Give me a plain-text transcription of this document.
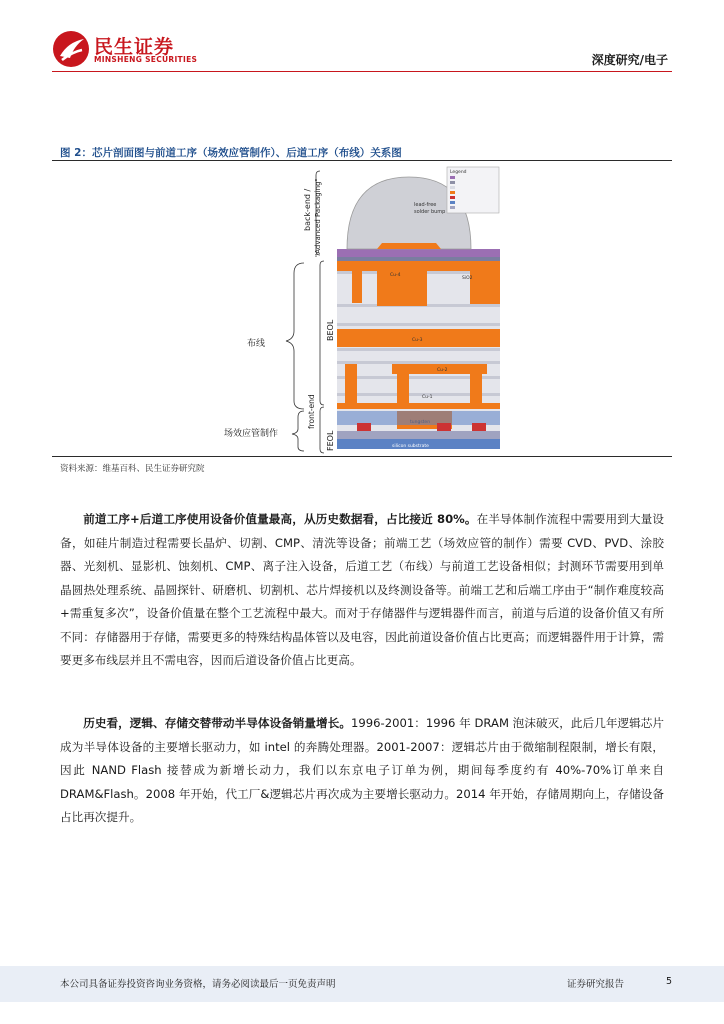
民生证券
MINSHENG SECURITIES	深度研究/电子
图 2：芯片剖面图与前道工序（场效应管制作）、后道工序（布线）关系图
布线
场效应管制作
back-end / "Advanced Packaging"
BEOL
front-end
FEOL
lead-free
solder bump
Cu-4
SiO2
Cu-3
Cu-2
Cu-1
silicon substrate
Legend
资料来源：维基百科、民生证券研究院

前道工序+后道工序使用设备价值量最高，从历史数据看，占比接近 80%。在半导体制作流程中需要用到大量设备，如硅片制造过程需要长晶炉、切割、CMP、清洗等设备；前端工艺（场效应管的制作）需要 CVD、PVD、涂胶器、光刻机、显影机、蚀刻机、CMP、离子注入设备，后道工艺（布线）与前道工艺设备相似；封测环节需要用到单晶圆热处理系统、晶圆探针、研磨机、切割机、芯片焊接机以及终测设备等。前端工艺和后端工序由于“制作难度较高+需重复多次”，设备价值量在整个工艺流程中最大。而对于存储器件与逻辑器件而言，前道与后道的设备价值又有所不同：存储器用于存储，需要更多的特殊结构晶体管以及电容，因此前道设备价值占比更高；而逻辑器件用于计算，需要更多布线层并且不需电容，因而后道设备价值占比更高。

历史看，逻辑、存储交替带动半导体设备销量增长。1996-2001：1996 年 DRAM 泡沫破灭，此后几年逻辑芯片成为半导体设备的主要增长驱动力，如 intel 的奔腾处理器。2001-2007：逻辑芯片由于微缩制程限制，增长有限，因此 NAND Flash 接替成为新增长动力，我们以东京电子订单为例，期间每季度约有 40%-70%订单来自 DRAM&Flash。2008 年开始，代工厂&逻辑芯片再次成为主要增长驱动力。2014 年开始，存储周期向上，存储设备占比再次提升。

本公司具备证券投资咨询业务资格，请务必阅读最后一页免责声明	证券研究报告	5
